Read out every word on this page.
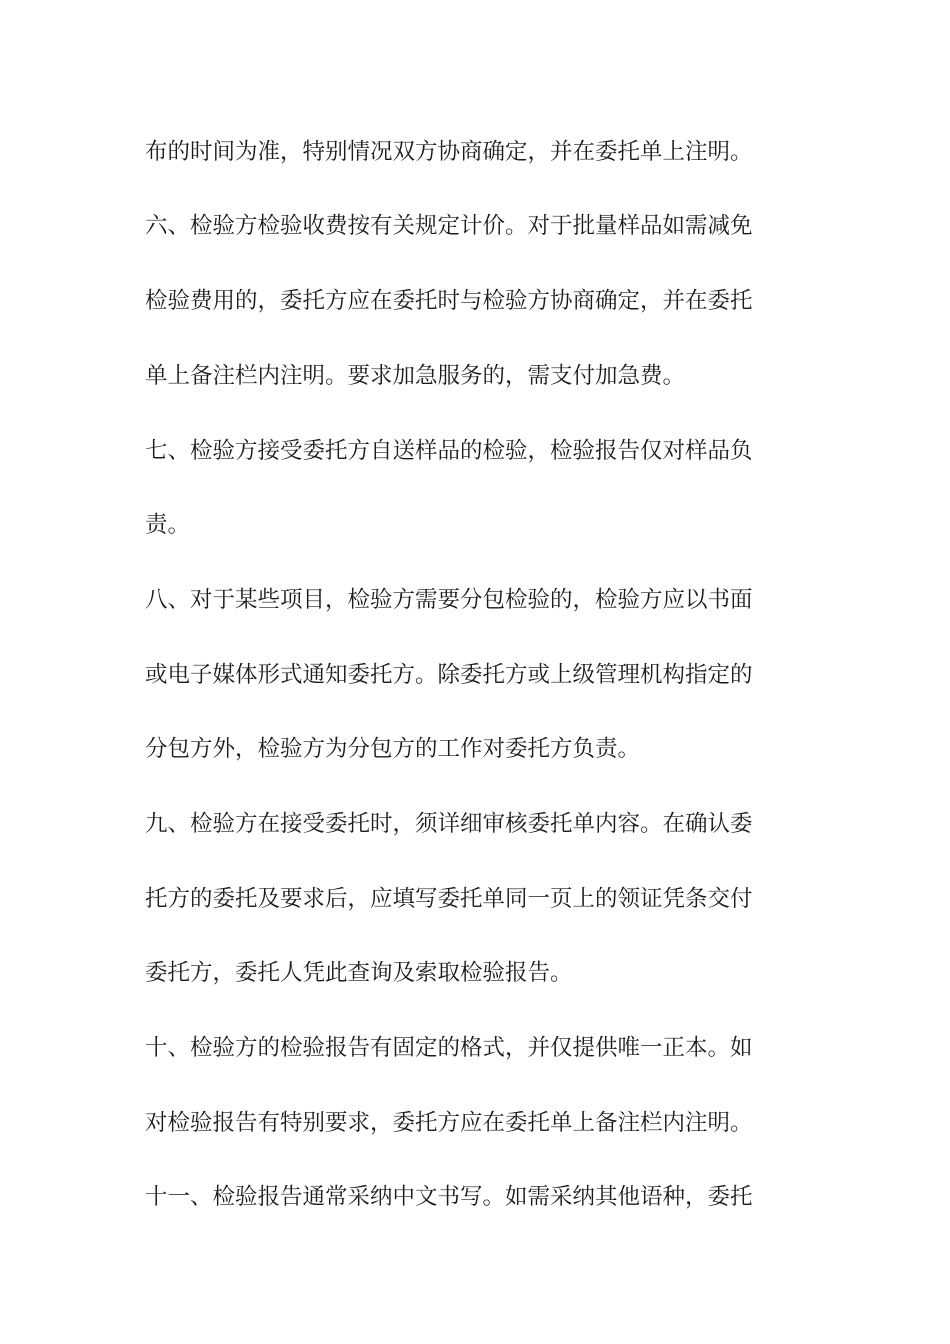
布的时间为准，特别情况双方协商确定，并在委托单上注明。
六、检验方检验收费按有关规定计价。对于批量样品如需减免
检验费用的，委托方应在委托时与检验方协商确定，并在委托
单上备注栏内注明。要求加急服务的，需支付加急费。
七、检验方接受委托方自送样品的检验，检验报告仅对样品负
责。
八、对于某些项目，检验方需要分包检验的，检验方应以书面
或电子媒体形式通知委托方。除委托方或上级管理机构指定的
分包方外，检验方为分包方的工作对委托方负责。
九、检验方在接受委托时，须详细审核委托单内容。在确认委
托方的委托及要求后，应填写委托单同一页上的领证凭条交付
委托方，委托人凭此查询及索取检验报告。
十、检验方的检验报告有固定的格式，并仅提供唯一正本。如
对检验报告有特别要求，委托方应在委托单上备注栏内注明。
十一、检验报告通常采纳中文书写。如需采纳其他语种，委托
